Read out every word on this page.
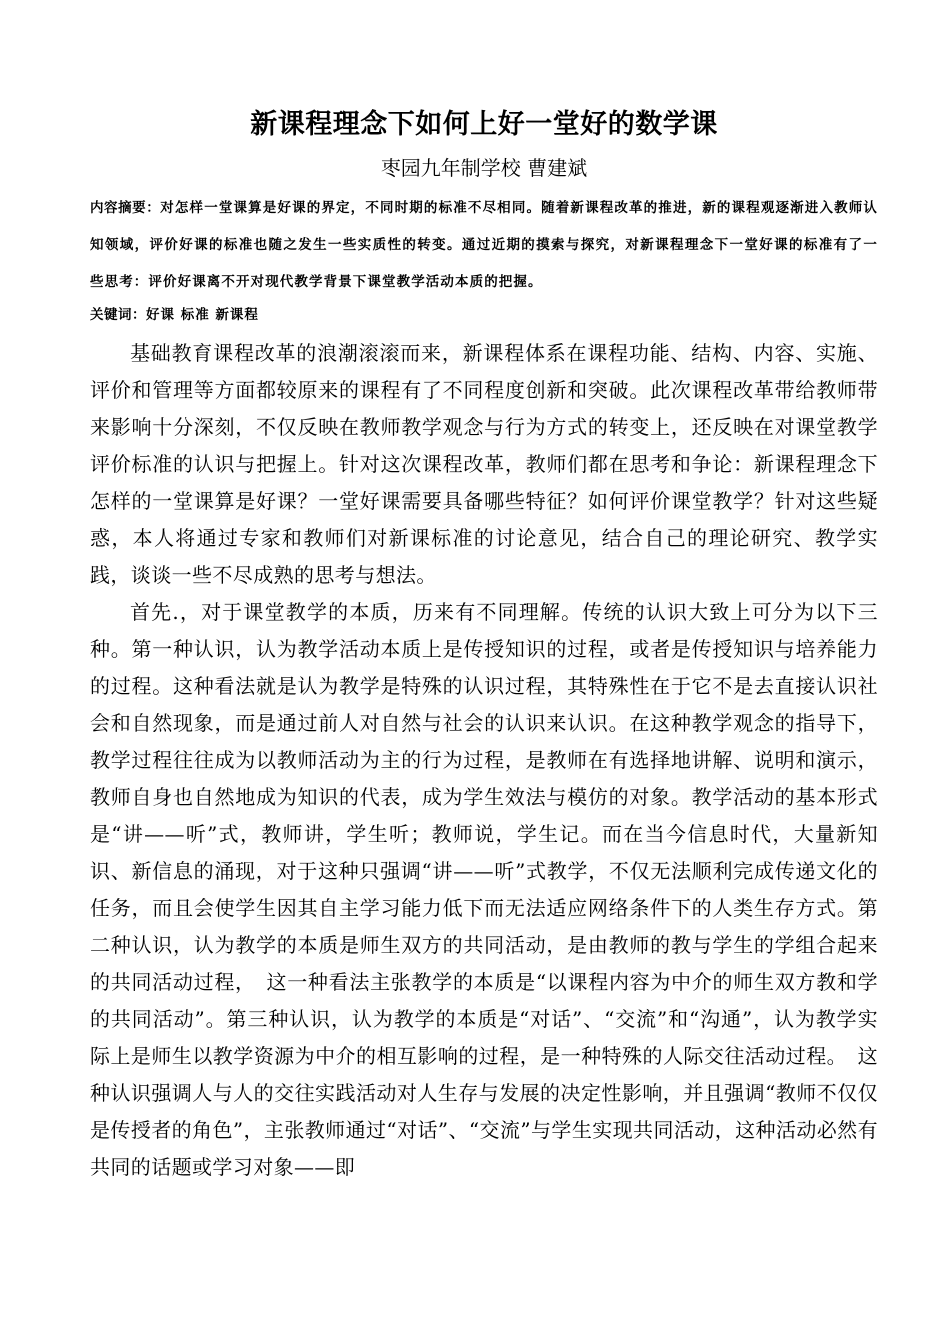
新课程理念下如何上好一堂好的数学课

枣园九年制学校 曹建斌

内容摘要：对怎样一堂课算是好课的界定，不同时期的标准不尽相同。随着新课程改革的推进，新的课程观逐渐进入教师认知领域，评价好课的标准也随之发生一些实质性的转变。通过近期的摸索与探究，对新课程理念下一堂好课的标准有了一些思考：评价好课离不开对现代教学背景下课堂教学活动本质的把握。

关键词：好课 标准 新课程

基础教育课程改革的浪潮滚滚而来，新课程体系在课程功能、结构、内容、实施、评价和管理等方面都较原来的课程有了不同程度创新和突破。此次课程改革带给教师带来影响十分深刻，不仅反映在教师教学观念与行为方式的转变上，还反映在对课堂教学评价标准的认识与把握上。针对这次课程改革，教师们都在思考和争论：新课程理念下怎样的一堂课算是好课？一堂好课需要具备哪些特征？如何评价课堂教学？针对这些疑惑，本人将通过专家和教师们对新课标准的讨论意见，结合自己的理论研究、教学实践，谈谈一些不尽成熟的思考与想法。

首先.，对于课堂教学的本质，历来有不同理解。传统的认识大致上可分为以下三种。第一种认识，认为教学活动本质上是传授知识的过程，或者是传授知识与培养能力的过程。这种看法就是认为教学是特殊的认识过程，其特殊性在于它不是去直接认识社会和自然现象，而是通过前人对自然与社会的认识来认识。在这种教学观念的指导下，教学过程往往成为以教师活动为主的行为过程，是教师在有选择地讲解、说明和演示，教师自身也自然地成为知识的代表，成为学生效法与模仿的对象。教学活动的基本形式是“讲——听”式，教师讲，学生听；教师说，学生记。而在当今信息时代，大量新知识、新信息的涌现，对于这种只强调“讲——听”式教学，不仅无法顺利完成传递文化的任务，而且会使学生因其自主学习能力低下而无法适应网络条件下的人类生存方式。第二种认识，认为教学的本质是师生双方的共同活动，是由教师的教与学生的学组合起来的共同活动过程，　这一种看法主张教学的本质是“以课程内容为中介的师生双方教和学的共同活动”。第三种认识，认为教学的本质是“对话”、“交流”和“沟通”，认为教学实际上是师生以教学资源为中介的相互影响的过程，是一种特殊的人际交往活动过程。　这种认识强调人与人的交往实践活动对人生存与发展的决定性影响，并且强调“教师不仅仅是传授者的角色”，主张教师通过“对话”、“交流”与学生实现共同活动，这种活动必然有共同的话题或学习对象——即
